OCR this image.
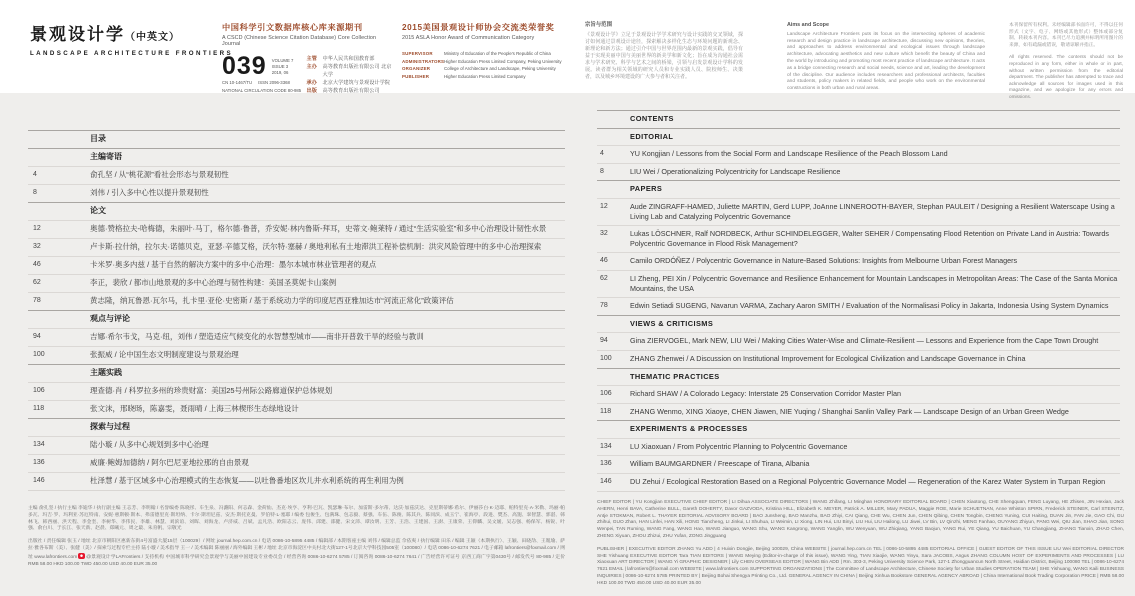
景观设计学（中英文）
LANDSCAPE ARCHITECTURE FRONTIERS
中国科学引文数据库核心库来源期刊
A CSCD (Chinese Science Citation Database) Core Collection Journal
039 VOLUME 7 ISSUE 3
2019, 06
CN 10-1467/TU ISSN 2096-3368
NATIONAL CIRCULATION CODE 80-985
主管	中华人民共和国教育部
主办	高等教育出版社有限公司 北京大学
承办	北京大学建筑与景观设计学院
出版	高等教育出版社有限公司
2015美国景观设计师协会交流类荣誉奖
2015 ASLA Honor Award of Communication Category
SUPERVISOR	Ministry of Education of the People's Republic of China
ADMINISTRATORS Higher Education Press Limited Company, Peking University
ORGANIZER	College of Architecture and Landscape, Peking University
PUBLISHER	Higher Education Press Limited Company
宗旨与范围
《景观设计学》立足于景观设计学学术研究与设计实践的交叉领域，探讨如何通过景观设计途径，探索解决多样化生态与环境问题的新观念、新理论和新方法；通过引介中国与世界范围内最新的景观实践，倡导有益于实现美丽中国与美丽世界的新美学和新文化；旨在成为沟通社会需求与学术研究、科学与艺术之间的桥梁，引领与启发景观设计学科的发展。读者群为相关领域的研究人员和专业实践人员、院校师生、决策者，以及城乡环境建设的广大参与者和关注者。
Aims and Scope
Landscape Architecture Frontiers puts its focus on the intersecting spheres of academic research and design practice in landscape architecture, discussing new opinions, theories, and approaches to address environmental and ecological issues through landscape architecture, advocating aesthetics and new culture which benefit the beauty of China and the world by introducing and promoting most recent practice of landscape architecture. It acts as a bridge connecting research and social needs, science and art, leading the development of the discipline. Our audience includes researchers and professional architects, faculties and students, policy makers in related fields, and people who work on the environmental constructions in both urban and rural areas.
本刊保留所有权利。未经编辑部书面许可，不得以任何形式（文字、电子、网络或其他形式）整体或部分复制、转载本刊内容。本刊已尽力追溯并标明所用图片的来源，如有疏漏或错误，敬请谅解并指正。
All rights reserved. The contents should not be reproduced in any form, either in whole or in part, without written permission from the editorial department. The publisher has attempted to trace and acknowledge all sources for images used in this magazine, and we apologize for any errors and omissions.
目录
主编寄语
4	俞孔坚 / 从“桃花源”看社会形态与景观韧性
8	刘伟 / 引入多中心性以提升景观韧性
论文
12	奥德·赞格拉夫-哈梅德，朱丽叶·马丁，格尔德·鲁普，乔安妮·林内鲁斯-拜耳，史蒂文·鲍莱特 / 通过“生活实验室”和多中心治理设计韧性水景
32	卢卡斯·拉什纳，拉尔夫·诺德贝克，亚瑟·辛德艾格，沃尔特·塞赫 / 奥地利私有土地滞洪工程补偿机制：洪灾风险管理中的多中心治理探索
46	卡米罗·奥多内兹 / 基于自然的解决方案中的多中心治理：墨尔本城市林业管理者的观点
62	李正，裴欣 / 都市山地景观的多中心治理与韧性构建：美国圣莫妮卡山案例
78	黄志隆，纳瓦鲁恩·瓦尔马，扎卡里·亚伦·史密斯 / 基于系统动力学的印度尼西亚雅加达市“河流正常化”政策评估
观点与评论
94	吉娜·希尔韦戈，马克·纽，刘伟 / 塑造适应气候变化的水智慧型城市——南非开普敦干旱的经验与教训
100	张振威 / 论中国生态文明制度建设与景观治理
主题实践
106	理查德·肖 / 科罗拉多州的珍贵财富：美国25号州际公路廊道保护总体规划
118	张文沫，邢晓旸，陈嘉雯，聂雨晴 / 上海三林楔形生态绿地设计
探索与过程
134	陆小璇 / 从多中心规划到多中心治理
136	威廉·鲍姆加德纳 / 阿尔巴尼亚地拉那的自由景观
146	杜泽慧 / 基于区域多中心治理模式的生态恢复——以吐鲁番地区坎儿井水利系统的再生利用为例
CONTENTS
EDITORIAL
4	YU Kongjian / Lessons from the Social Form and Landscape Resilience of the Peach Blossom Land
8	LIU Wei / Operationalizing Polycentricity for Landscape Resilience
PAPERS
12	Aude ZINGRAFF-HAMED, Juliette MARTIN, Gerd LUPP, JoAnne LINNEROOTH-BAYER, Stephan PAULEIT / Designing a Resilient Waterscape Using a Living Lab and Catalyzing Polycentric Governance
32	Lukas LÖSCHNER, Ralf NORDBECK, Arthur SCHINDELEGGER, Walter SEHER / Compensating Flood Retention on Private Land in Austria: Towards Polycentric Governance in Flood Risk Management?
46	Camilo ORDÓÑEZ / Polycentric Governance in Nature-Based Solutions: Insights from Melbourne Urban Forest Managers
62	LI Zheng, PEI Xin / Polycentric Governance and Resilience Enhancement for Mountain Landscapes in Metropolitan Areas: The Case of the Santa Monica Mountains, the USA
78	Edwin Setiadi SUGENG, Navarun VARMA, Zachary Aaron SMITH / Evaluation of the Normalisasi Policy in Jakarta, Indonesia Using System Dynamics
VIEWS & CRITICISMS
94	Gina ZIERVOGEL, Mark NEW, LIU Wei / Making Cities Water-Wise and Climate-Resilient — Lessons and Experience from the Cape Town Drought
100	ZHANG Zhenwei / A Discussion on Institutional Improvement for Ecological Civilization and Landscape Governance in China
THEMATIC PRACTICES
106	Richard SHAW / A Colorado Legacy: Interstate 25 Conservation Corridor Master Plan
118	ZHANG Wenmo, XING Xiaoye, CHEN Jiawen, NIE Yuqing / Shanghai Sanlin Valley Park — Landscape Design of an Urban Green Wedge
EXPERIMENTS & PROCESSES
134	LU Xiaoxuan / From Polycentric Planning to Polycentric Governance
136	William BAUMGARDNER / Freescape of Tirana, Albania
146	DU Zehui / Ecological Restoration Based on a Regional Polycentric Governance Model — Regeneration of the Karez Water System in Turpan Region

主编 俞孔坚 / 执行主编 李迪华 / 执行副主编 王志芳、李明翰 / 名誉编委 陈晓彤、车生泉、冯潞阳、何志森、金荷仙、杰克·埃亨、亨利·巴瓦、凯瑟琳·布尔、加雷斯·多尔蒂、达沃·加兹沃达、克里斯蒂娜·希尔、伊丽莎白·K·迈耶、帕特里克·A·米勒、玛丽·帕多瓦、玛吉·罗、玛利亚·苏厄特南、安妮·惠斯顿·斯本、弗雷德里克·斯坦纳、卡尔·斯坦尼兹、安杰·斯托克曼、罗伯特·L·塞耶 / 编委 包俊生、包满珠、包志毅、蔡强、车伍、陈俊、陈其兵、陈同滨、成玉宁、崔海亭、段进、樊杰、高翅、辜智慧、郭湛、韩林飞、韩西丽、洪天程、李金奎、李树华、李伟民、李雄、林慧、刘滨谊、刘晖、刘海龙、卢济威、吕斌、孟凡浩、欧阳志云、庞伟、邱建、邵健、宋文沛、谭汝明、王芳、王浩、王建国、王澍、王康荣、王仰麟、吴文媛、吴志强、杨保军、杨锐、叶强、俞白川、于长江、张天新、赵晨、郑曦元、周之最、朱育帆、宗敬光

出版社 / 责任编辑 张玉 / 地址 北京市朝阳区惠新东街4号富盛大厦15层（100029）/ 网址 journal.hep.com.cn / 电话 0086-10-5895 4485 / 编辑部 / 本期客座主编 刘伟 / 编辑总监 佘依爽 / 执行编辑 田乐 / 编辑 王颖（本期执行）、王颖、田晓劼、王胤瑜、萨拉·雅各布斯（美）、张健（美）/ 探索与过程专栏主持 陆小璇 / 美术指导 王一 / 美术编辑 陈丽丽 / 海外编辑 王彬 / 地址 北京市海淀区中关村北大街127-1号北京大学科技园505室（100080）/ 电话 0086-10-6274 7621 / 电子邮箱 lafrontiers@foxmail.com / 网址 www.lafrontiers.com @景观设计学LAFrontiers / 支持机构 中国城市科学研究会景观学与美丽中国建设专业委员会 / 经营咨询 0086-10-6274 5785 / 订阅咨询 0086-10-6274 7641 / 广告经营许可证号 京西工商广字第0430号 / 邮发代号 80-985 / 定价 RMB 58.00 HKD 100.00 TWD 450.00 USD 40.00 EUR 35.00

CHIEF EDITOR | YU Kongjian EXECUTIVE CHIEF EDITOR | LI Dihua ASSOCIATE DIRECTORS | WANG Zhifang, LI Minghan HONORARY EDITORIAL BOARD | CHEN Xiaotong, CHE Shengquan, FENG Luyang, HE Zhisen, JIN Hexian, Jack AHERN, Henri BAVA, Catherine BULL, Gareth DOHERTY, Davor GAZVODA, Kristina HILL, Elizabeth K. MEYER, Patrick A. MILLER, Mary PADUA, Maggie ROE, Marie SCHUETNAN, Anne Whiston SPIRN, Frederick STEINER, Carl STEINITZ, Antje STOKMAN, Robert L. THAYER EDITORIAL ADVISORY BOARD | BAO Junsheng, BAO Manzhu, BAO Zhiyi, CAI Qiang, CHE Wu, CHEN Jun, CHEN Qibing, CHEN Tongbin, CHENG Yuning, CUI Haiting, DUAN Jin, FAN Jie, GAO Chi, GU Zhihui, GUO Zhan, HAN Linfei, HAN Xili, HONG Tiancheng, LI Jinkui, LI Shuhua, LI Weimin, LI Xiong, LIN Hui, LIU Binyi, LIU Hui, LIU Hailong, LU Jiwei, LV Bin, LV Qinzhi, MENG Fanhao, OUYANG Zhiyun, PANG Wei, QIU Jian, SHAO Jian, SONG Wenpei, TAN Ruming, WANG Fang, WANG Hao, WANG Jianguo, WANG Shu, WANG Kangrong, WANG Yanglin, WU Wenyuan, WU Zhiqiang, YANG Baojun, YANG Rui, YE Qiang, YU Baichuan, YU Changjiang, ZHANG Tianxin, ZHAO Chen, ZHENG Xiyuan, ZHOU Zhizui, ZHU Yufan, ZONG Jingguang

PUBLISHER | EXECUTIVE EDITOR ZHANG Yu ADD | 4 Huixin Dongjie, Beijing 100029, China WEBSITE | journal.hep.com.cn TEL | 0086-10-5895 4485 EDITORIAL OFFICE | GUEST EDITOR OF THIS ISSUE LIU Wei EDITORIAL DIRECTOR SHE Yishuang EXECUTIVE EDITOR Tara TIAN EDITORS | WANG Meying (Editor-in-charge of this issue), WANG Ying, TIAN Xiaojie, WANG Yinyu, Sara JACOBS, Angus ZHANG COLUMN HOST OF EXPERIMENTS AND PROCESSES | LU Xiaoxuan ART DIRECTOR | WANG Yi GRAPHIC DESIGNER | Lily CHEN OVERSEAS EDITOR | WANG Bin ADD | Rm. 303-3, Peking University Science Park, 127-1 Zhongguancun North Street, Haidian District, Beijing 100080 TEL | 0086-10-6274 7621 EMAIL | lafrontiers@foxmail.com WEBSITE | www.lafrontiers.com SUPPORTING ORGANIZATIONS | The Committee of Landscape Architecture, Chinese Society for Urban Studies OPERATION TEAM | SHE Yishuang, WANG Kaili BUSINESS INQUIRIES | 0086-10-6274 5785 PRINTED BY | Beijing Bohai Shengya Printing Co., Ltd. GENERAL AGENCY IN CHINA | Beijing Xinhua Bookstore GENERAL AGENCY ABROAD | China International Book Trading Corporation PRICE | RMB 58.00 HKD 100.00 TWD 450.00 USD 40.00 EUR 35.00
